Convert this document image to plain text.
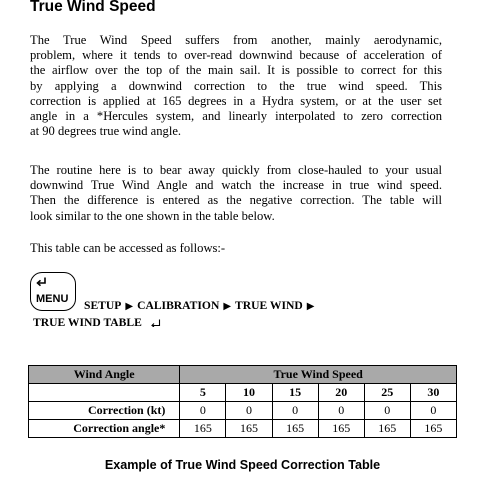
True Wind Speed

The True Wind Speed suffers from another, mainly aerodynamic,
problem, where it tends to over-read downwind because of acceleration of
the airflow over the top of the main sail. It is possible to correct for this
by applying a downwind correction to the true wind speed. This
correction is applied at 165 degrees in a Hydra system, or at the user set
angle in a *Hercules system, and linearly interpolated to zero correction
at 90 degrees true wind angle.

The routine here is to bear away quickly from close-hauled to your usual
downwind True Wind Angle and watch the increase in true wind speed.
Then the difference is entered as the negative correction. The table will
look similar to the one shown in the table below.

This table can be accessed as follows:-

MENU SETUP ▶ CALIBRATION ▶ TRUE WIND ▶
TRUE WIND TABLE
Wind Angle	True Wind Speed					
	5	10	15	20	25	30
Correction (kt)	0	0	0	0	0	0
Correction angle*	165	165	165	165	165	165
Example of True Wind Speed Correction Table
